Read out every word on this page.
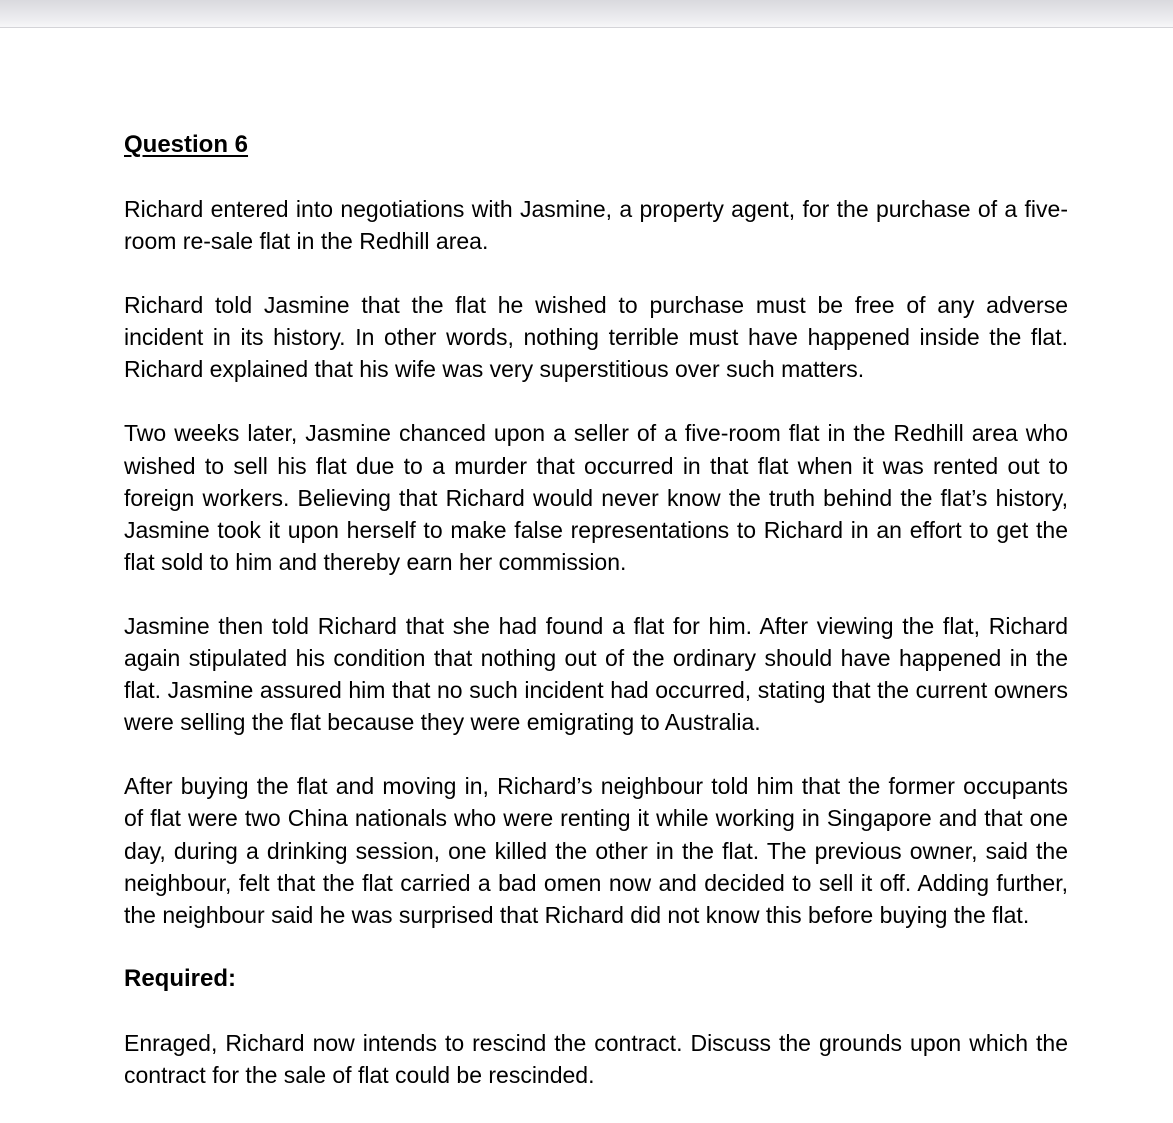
Question 6

Richard entered into negotiations with Jasmine, a property agent, for the purchase of a five-room re-sale flat in the Redhill area.

Richard told Jasmine that the flat he wished to purchase must be free of any adverse incident in its history. In other words, nothing terrible must have happened inside the flat. Richard explained that his wife was very superstitious over such matters.

Two weeks later, Jasmine chanced upon a seller of a five-room flat in the Redhill area who wished to sell his flat due to a murder that occurred in that flat when it was rented out to foreign workers. Believing that Richard would never know the truth behind the flat’s history, Jasmine took it upon herself to make false representations to Richard in an effort to get the flat sold to him and thereby earn her commission.

Jasmine then told Richard that she had found a flat for him. After viewing the flat, Richard again stipulated his condition that nothing out of the ordinary should have happened in the flat. Jasmine assured him that no such incident had occurred, stating that the current owners were selling the flat because they were emigrating to Australia.

After buying the flat and moving in, Richard’s neighbour told him that the former occupants of flat were two China nationals who were renting it while working in Singapore and that one day, during a drinking session, one killed the other in the flat. The previous owner, said the neighbour, felt that the flat carried a bad omen now and decided to sell it off. Adding further, the neighbour said he was surprised that Richard did not know this before buying the flat.

Required:

Enraged, Richard now intends to rescind the contract. Discuss the grounds upon which the contract for the sale of flat could be rescinded.
